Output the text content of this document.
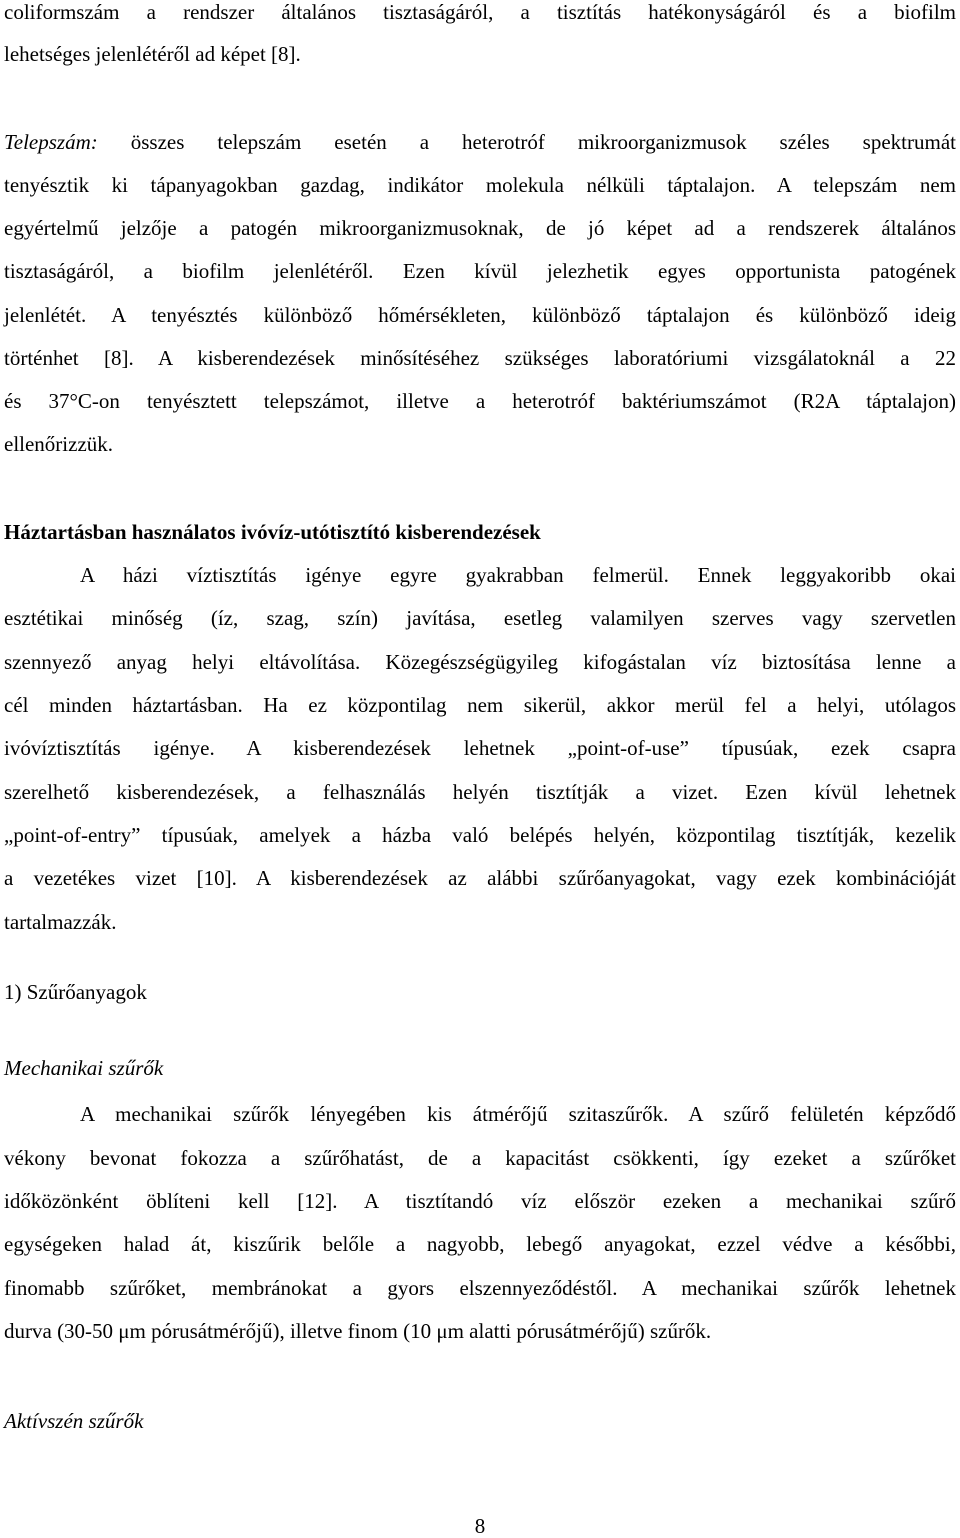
coliformszám a rendszer általános tisztaságáról, a tisztítás hatékonyságáról és a biofilm
lehetséges jelenlétéről ad képet [8].
Telepszám: összes telepszám esetén a heterotróf mikroorganizmusok széles spektrumát
tenyésztik ki tápanyagokban gazdag, indikátor molekula nélküli táptalajon. A telepszám nem
egyértelmű jelzője a patogén mikroorganizmusoknak, de jó képet ad a rendszerek általános
tisztaságáról, a biofilm jelenlétéről. Ezen kívül jelezhetik egyes opportunista patogének
jelenlétét. A tenyésztés különböző hőmérsékleten, különböző táptalajon és különböző ideig
történhet [8]. A kisberendezések minősítéséhez szükséges laboratóriumi vizsgálatoknál a 22
és 37°C-on tenyésztett telepszámot, illetve a heterotróf baktériumszámot (R2A táptalajon)
ellenőrizzük.
Háztartásban használatos ivóvíz-utótisztító kisberendezések
A házi víztisztítás igénye egyre gyakrabban felmerül. Ennek leggyakoribb okai
esztétikai minőség (íz, szag, szín) javítása, esetleg valamilyen szerves vagy szervetlen
szennyező anyag helyi eltávolítása. Közegészségügyileg kifogástalan víz biztosítása lenne a
cél minden háztartásban. Ha ez központilag nem sikerül, akkor merül fel a helyi, utólagos
ivóvíztisztítás igénye. A kisberendezések lehetnek „point-of-use” típusúak, ezek csapra
szerelhető kisberendezések, a felhasználás helyén tisztítják a vizet. Ezen kívül lehetnek
„point-of-entry” típusúak, amelyek a házba való belépés helyén, központilag tisztítják, kezelik
a vezetékes vizet [10]. A kisberendezések az alábbi szűrőanyagokat, vagy ezek kombinációját
tartalmazzák.
1) Szűrőanyagok
Mechanikai szűrők
A mechanikai szűrők lényegében kis átmérőjű szitaszűrők. A szűrő felületén képződő
vékony bevonat fokozza a szűrőhatást, de a kapacitást csökkenti, így ezeket a szűrőket
időközönként öblíteni kell [12]. A tisztítandó víz először ezeken a mechanikai szűrő
egységeken halad át, kiszűrik belőle a nagyobb, lebegő anyagokat, ezzel védve a későbbi,
finomabb szűrőket, membránokat a gyors elszennyeződéstől. A mechanikai szűrők lehetnek
durva (30-50 μm pórusátmérőjű), illetve finom (10 μm alatti pórusátmérőjű) szűrők.
Aktívszén szűrők
8
